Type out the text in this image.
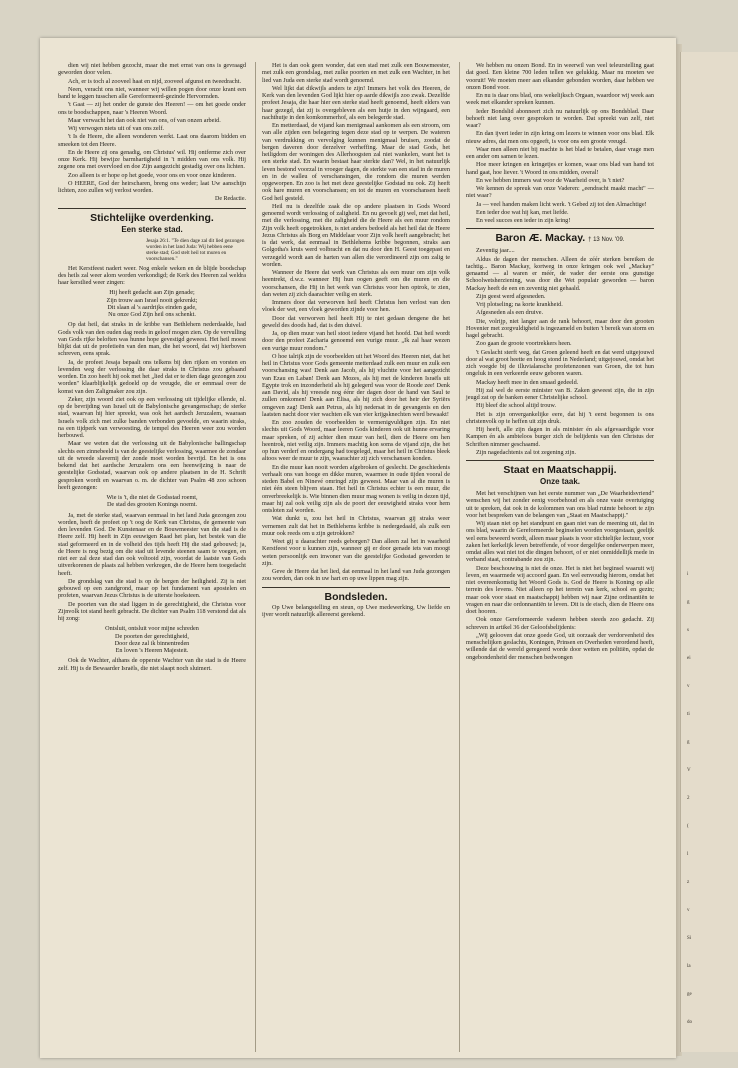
i
g
s
ei
v
ti
g
V
2
(
l
z
v
Si
la
ge
do

dien wij niet hebben gezocht, maar die met ernst van ons is gevraagd geworden door velen.

Ach, er is toch al zooveel haat en nijd, zooveel afgunst en tweedracht.

Neen, veracht ons niet, wanneer wij willen pogen door onze krant een band te leggen tusschen alle Gereformeerd-gezinde Hervormden.

't Gaat — zij het onder de gunste des Heeren! — om het goede onder ons te boodschappen, naar 's Heeren Woord.

Maar verwacht het dan ook niet van ons, of van onzen arbeid.

Wij verwogen niets uit of van ons zelf.

't Is de Heere, die alleen wonderen werkt. Laat ons daarom bidden en smeeken tot den Heere.

En de Heere zij ons genadig, om Christus' wil. Hij ontferme zich over onze Kerk. Hij bewijze barmhartigheid in 't midden van ons volk. Hij zegene ons met overvloed en doe Zijn aangezicht gestadig over ons lichten.

Zoo alleen is er hope op het goede, voor ons en voor onze kinderen.

O HEERE, God der heirscharen, breng ons weder; laat Uw aanschijn lichten, zoo zullen wij verlost worden.

De Redactie.

Stichtelijke overdenking.
Een sterke stad.
Jesaja 26:1. "Te dien dage zal dit lied gezongen worden in het land Juda: Wij hebben eene sterke stad; God stelt heil tot muren en voorschansen."

Het Kerstfeest nadert weer. Nog enkele weken en de blijde boodschap des heils zal weer alom worden verkondigd; de Kerk des Heeren zal weldra haar kerstlied weer zingen:

Hij heeft gedacht aan Zijn genade;
Zijn trouw aan Israel nooit gekrenkt;
Dit slaan al 's aardrijks einden gade,
Nu onze God Zijn heil ons schenkt.

Op dat heil, dat straks in de kribbe van Bethlehem nederdaalde, had Gods volk van den ouden dag reeds in geloof mogen zien. Op de vervulling van Gods rijke beloften was hunne hope gevestigd geweest. Het heil moest blijkt dat uit de profetieën van den man, die het woord, dat wij hierboven schreven, eens sprak.

Ja, de profeet Jesaja bepaalt ons telkens bij den rijken en vorsten en levenden weg der verlossing die daar straks in Christus zou gebaand worden. En zoo heeft hij ook met het „lied dat er te dien dage gezongen zou worden" klaarblijkelijk gedoeld op de vreugde, die er eenmaal over de komst van den Zaligmaker zou zijn.

Zeker, zijn woord ziet ook op een verlossing uit tijdelijke ellende, nl. op de bevrijding van Israel uit de Babylonische gevangenschap; de sterke stad, waarvan hij hier spreekt, was ook het aardsch Jeruzalem, waaraan Israels volk zich met zulke banden verbonden gevoelde, en waarin straks, na een tijdperk van verwoesting, de tempel des Heeren weer zou worden herbouwd.

Maar we weten dat die verlossing uit de Babylonische ballingschap slechts een zinnebeeld is van de geestelijke verlossing, waarmee de zondaar uit de wreede slavernij der zonde moet worden bevrijd. En het is ons bekend dat het aardsche Jeruzalem ons een heenwijzing is naar de geestelijke Godsstad, waarvan ook op andere plaatsen in de H. Schrift gesproken wordt en waarvan o. m. de dichter van Psalm 48 zoo schoon heeft gezongen:

Wie is 't, die niet de Godsstad roemt,
De stad des grooten Konings noemt.

Ja, met de sterke stad, waarvan eenmaal in het land Juda gezongen zou worden, heeft de profeet op 't oog de Kerk van Christus, de gemeente van den levenden God. De Kunstenaar en de Bouwmeester van die stad is de Heere zelf. Hij heeft in Zijn eeuwigen Raad het plan, het bestek van die stad geformeerd en in de volheid des tijds heeft Hij die stad gebouwd; ja, de Heere is nog bezig om die stad uit levende steenen saam te voegen, en niet eer zal deze stad dan ook voltooid zijn, voordat de laatste van Gods uitverkorenen de plaats zal hebben verkregen, die de Heere hem toegedacht heeft.

De grondslag van die stad is op de bergen der heiligheid. Zij is niet gebouwd op een zandgrond, maar op het fundament van apostelen en profeten, waarvan Jezus Christus is de uiterste hoeksteen.

De poorten van die stad liggen in de gerechtigheid, die Christus voor Zijnvolk tot stand heeft gebracht. De dichter van Psalm 118 verstond dat als hij zong:

Ontsluit, ontsluit voor mijne schreden
De poorten der gerechtigheid,
Door deze zal ik binnentreden
En loven 's Heeren Majesteit.

Ook de Wachter, althans de opperste Wachter van die stad is de Heere zelf. Hij is de Bewaarder Israëls, die niet slaapt noch sluimert.

Het is dan ook geen wonder, dat een stad met zulk een Bouwmeester, met zulk een grondslag, met zulke poorten en met zulk een Wachter, in het lied van Juda een sterke stad wordt genoemd.

Wel lijkt dat dikwijls anders te zijn! Immers het volk des Heeren, de Kerk van den levenden God lijkt hier op aarde dikwijls zoo zwak. Dezelfde profeet Jesaja, die haar hier een sterke stad heeft genoemd, heeft elders van haar gezegd, dat zij is overgebleven als een hutje in den wijngaard, een nachthutje in den komkommerhof, als een belegerde stad.

En metterdaad, de vijand kan menigmaal aankomen als een stroom, om van alle zijden een belegering tegen deze stad op te werpen. De wateren van verdrukking en vervolging kunnen menigmaal bruisen, zoodat de bergen daveren door derzelver verheffing. Maar de stad Gods, het heiligdom der woningen des Allerhoogsten zal niet wankelen, want het is een sterke stad. En waarin bestaat haar sterkte dan? Wel, in het natuurlijk leven bestond voorzal in vroeger dagen, de sterkte van een stad in de muren en in de walleu of verschansingen, die rondom die muren werden opgeworpen. En zoo is het met deze geestelijke Godstad nu ook. Zij heeft ook hare muren en voorschansen; en tot de muren en voorschansen heeft God heil gesteld.

Heil nu is dezelfde zaak die op andere plaatsen in Gods Woord genoemd wordt verlossing of zaligheid. En nu gevoelt gij wel, met dat heil, met die verlossing, met die zaligheid die de Heere als een muur rondom Zijn volk heeft opgetrokken, is niet anders bedoeld als het heil dat de Heere Jezus Christus als Borg en Middelaar voor Zijn volk heeft aangebracht; het is dat werk, dat eenmaal in Bethlehems kribbe begonnen, straks aan Golgotha's kruis werd volbracht en dat nu door den H. Geest toegepast en verzegeld wordt aan de harten van allen die verordineerd zijn om zalig te worden.

Wanneer de Heere dat werk van Christus als een muur om zijn volk heentrekt, d.w.z. wanneer Hij hun oogen geeft om die muren en die voorschansen, die Hij in het werk van Christus voor hen optrok, te zien, dan weten zij zich daarachter veilig en sterk.

Immers door dat verworven heil heeft Christus hen verlost van den vloek der wet, een vloek geworden zijnde voor hen.

Door dat verworven heil heeft Hij te niet gedaan dengene die het geweld des doods had, dat is den duivel.

Ja, op dien muur van heil stoot iedere vijand het hoofd. Dat heil wordt door den profeet Zacharia genoemd een vurige muur. „Ik zal haar wezen een vurige muur rondom."

O hoe talrijk zijn de voorbeelden uit het Woord des Heeren niet, dat het heil in Christus voor Gods gemeente metterdaad zulk een muur en zulk een voorschansing was! Denk aan Jacob, als hij vluchtte voor het aangezicht van Ezau en Laban! Denk aan Mozes, als hij met de kinderen Israëls uit Egypte trok en inzonderheid als hij gelegerd was voor de Roode zee! Denk aan David, als hij vreesde nog éénr der dagen door de hand van Saul te zullen omkomen! Denk aan Elisa, als hij zich door het heir der Syriërs omgeven zag! Denk aan Petrus, als hij nedersat in de gevangenis en den laatsten nacht door vier wachten elk van vier krijgsknechten werd bewaakt!

En zoo zouden de voorbeelden te vermenigvuldigen zijn. En niet slechts uit Gods Woord, maar leeren Gods kinderen ook uit hunne ervaring maar spreken, of zij achter dien muur van heil, dien de Heere om hen heentrok, niet veilig zijn. Immers machtig kon soms de vijand zijn, die het op hun verderf en ondergang had toegelegd, maar het heil in Christus bleek altoos weer de muur te zijn, waarachter zij zich verschansen konden.

En die muur kan nooit worden afgebroken of geslecht. De geschiedenis verhaalt ons van hooge en dikke muren, waarmee in oude tijden vooral de steden Babel en Ninevé omringd zijn geweest. Maar van al die muren is niet één steen blijven staan. Het heil in Christus echter is een muur, die onverbreekelijk is. Wie binnen dien muur mag wonen is veilig in dezen tijd, maar hij zal ook veilig zijn als de poort der eeuwigheid straks voor hem ontsloten zal worden.

Wat dunkt u, zou het heil in Christus, waarvan gij straks weer vernemen zult dat het in Bethlehems kribbe is nedergedaald, als zulk een muur ook reeds om u zijn getrokken?

Weet gij u daarachter reeds geborgen? Dan alleen zal het in waarheid Kerstfeest voor u kunnen zijn, wanneer gij er door genade iets van moogt weten persoonlijk een inwoner van die geestelijke Godsstad geworden te zijn.

Geve de Heere dat het lied, dat eenmaal in het land van Juda gezongen zou worden, dan ook in uw hart en op uwe lippen mag zijn.

Bondsleden.

Op Uwe belangstelling en steun, op Uwe medewerking, Uw liefde en ijver wordt natuurlijk allereerst gerekend.

We hebben nu onzen Bond. En in weerwil van veel teleurstelling gaat dat goed. Een kleine 700 leden tellen we gelukkig. Maar nu moeten we vooruit! We moeten meer aan elkander gebonden worden, daar hebben we onzen Bond voor.

En nu is daar ons blad, ons wekelijksch Orgaan, waardoor wij week aan week met elkander spreken kunnen.

Ieder Bondslid abonneert zich nu natuurlijk op ons Bondsblad. Daar behoeft niet lang over gesproken te worden. Dat spreekt van zelf, niet waar?

En dan ijvert ieder in zijn kring om lezers te winnen voor ons blad. Elk nieuw adres, dat men ons opgeeft, is voor ons een groote vreugd.

Waar men alleen niet bij machte is het blad te betalen, daar vrage men een ander om samen te lezen.

Hoe meer kringen en kringetjes er komen, waar ons blad van hand tot hand gaat, hoe liever. 't Woord in ons midden, overal!

En we hebben immers wat voor de Waarheid over, is 't niet?

We kennen de spreuk van onze Vaderen: „eendracht maakt macht" — niet waar?

Ja — veel handen maken licht werk. 't Gebed zij tot den Almachtige!

Een ieder doe wat hij kan, met liefde.

En veel succes een ieder in zijn kring!

Baron Æ. Mackay. † 13 Nov. '09.

Zeventig jaar....

Aldus de dagen der menschen. Alleen de zéér sterken bereiken de tachtig... Baron Mackay, kortweg in onze kringen ook wel „Mackay" genaamd — al waren er méér, de vader der eerste ons gunstige Schoolwetsherziening, was door die Wet populair geworden — baron Mackay heeft de een en zeventig niet gehaald.

Zijn geest werd afgesneden.

Vrij plotseling; na korte krankheid.

Afgesneden als een druive.

Die, volrijp, niet langer aan de rank behoort, maar door den grooten Hovenier met zorgvuldigheid is ingezameld en buiten 't bereik van storm en hagel gebracht.

Zoo gaan de groote voortrekkers heen.

't Geslacht sterft weg, dat Groen geleend heeft en dat werd uitgejouwd door al wat groot heette en hoog stond in Nederland; uitgejouwd, omdat het zich voegde bij de illuvialansche profetenzonen van Groen, die tot hun ongeluk in een verkeerde eeuw geboren waren.

Mackay heeft mee in den smaad gedeeld.

Hij zal wel de eerste minister van B. Zaken geweest zijn, die in zijn jeugd zat op de banken eener Christelijke school.

Hij bleef die school altijd trouw.

Het is zijn onvergankelijke eere, dat hij 't eerst begonnen is ons christenvolk op te heffen uit zijn druk.

Hij heeft, alle zijn dagen in als minister én als afgevaardigde voor Kampen én als ambteloos burger zich de belijdenis van den Christus der Schriften nimmer geschaamd.

Zijn nagedachtenis zal tot zegening zijn.

Staat en Maatschappij.
Onze taak.

Met het verschijnen van het eerste nummer van „De Waarheidsvriend" wenschen wij het zonder eenig voorbehoud en als onze vaste overtuiging uit te spreken, dat ook in de kolommen van ons blad ruimte behoort te zijn voor het bespreken van de belangen van „Staat en Maatschappij."

Wij staan niet op het standpunt en gaan niet van de meening uit, dat in ons blad, waarin de Gereformeerde beginselen worden voorgestaan, geelijk wel eens beweerd wordt, alleen maar plaats is voor stichtelijke lectuur, voor zaken het kerkelijk leven betreffende, of voor dergelijke onderwerpen meer, omdat alles wat niet tot die dingen behoort, of er niet onmiddellijk mede in verband staat, contrabande zou zijn.

Deze beschouwing is niet de onze. Het is niet het beginsel waaruit wij leven, en waarmede wij accoord gaan. En wel eenvoudig hierom, omdat het niet overeenkomstig het Woord Gods is. God de Heere is Koning op alle terrein des levens. Niet alleen op het terrein van kerk, school en gezin; maar ook voor staat en maatschappij hebben wij naar Zijne ordinantiën te vragen en naar die ordonnantiën te leven. Dit is de eisch, dien de Heere ons doet hooren.

Ook onze Gereformeerde vaderen hebben steeds zoo gedacht. Zij schreven in artikel 36 der Geloofsbelijdenis:

„Wij gelooven dat onze goede God, uit oorzaak der verdorvenheid des menschelijken geslachts, Koningen, Prinsen en Overheden verordend heeft, willende dat de wereld geregeerd worde door wetten en politiën, opdat de ongebondenheid der menschen bedwongen
